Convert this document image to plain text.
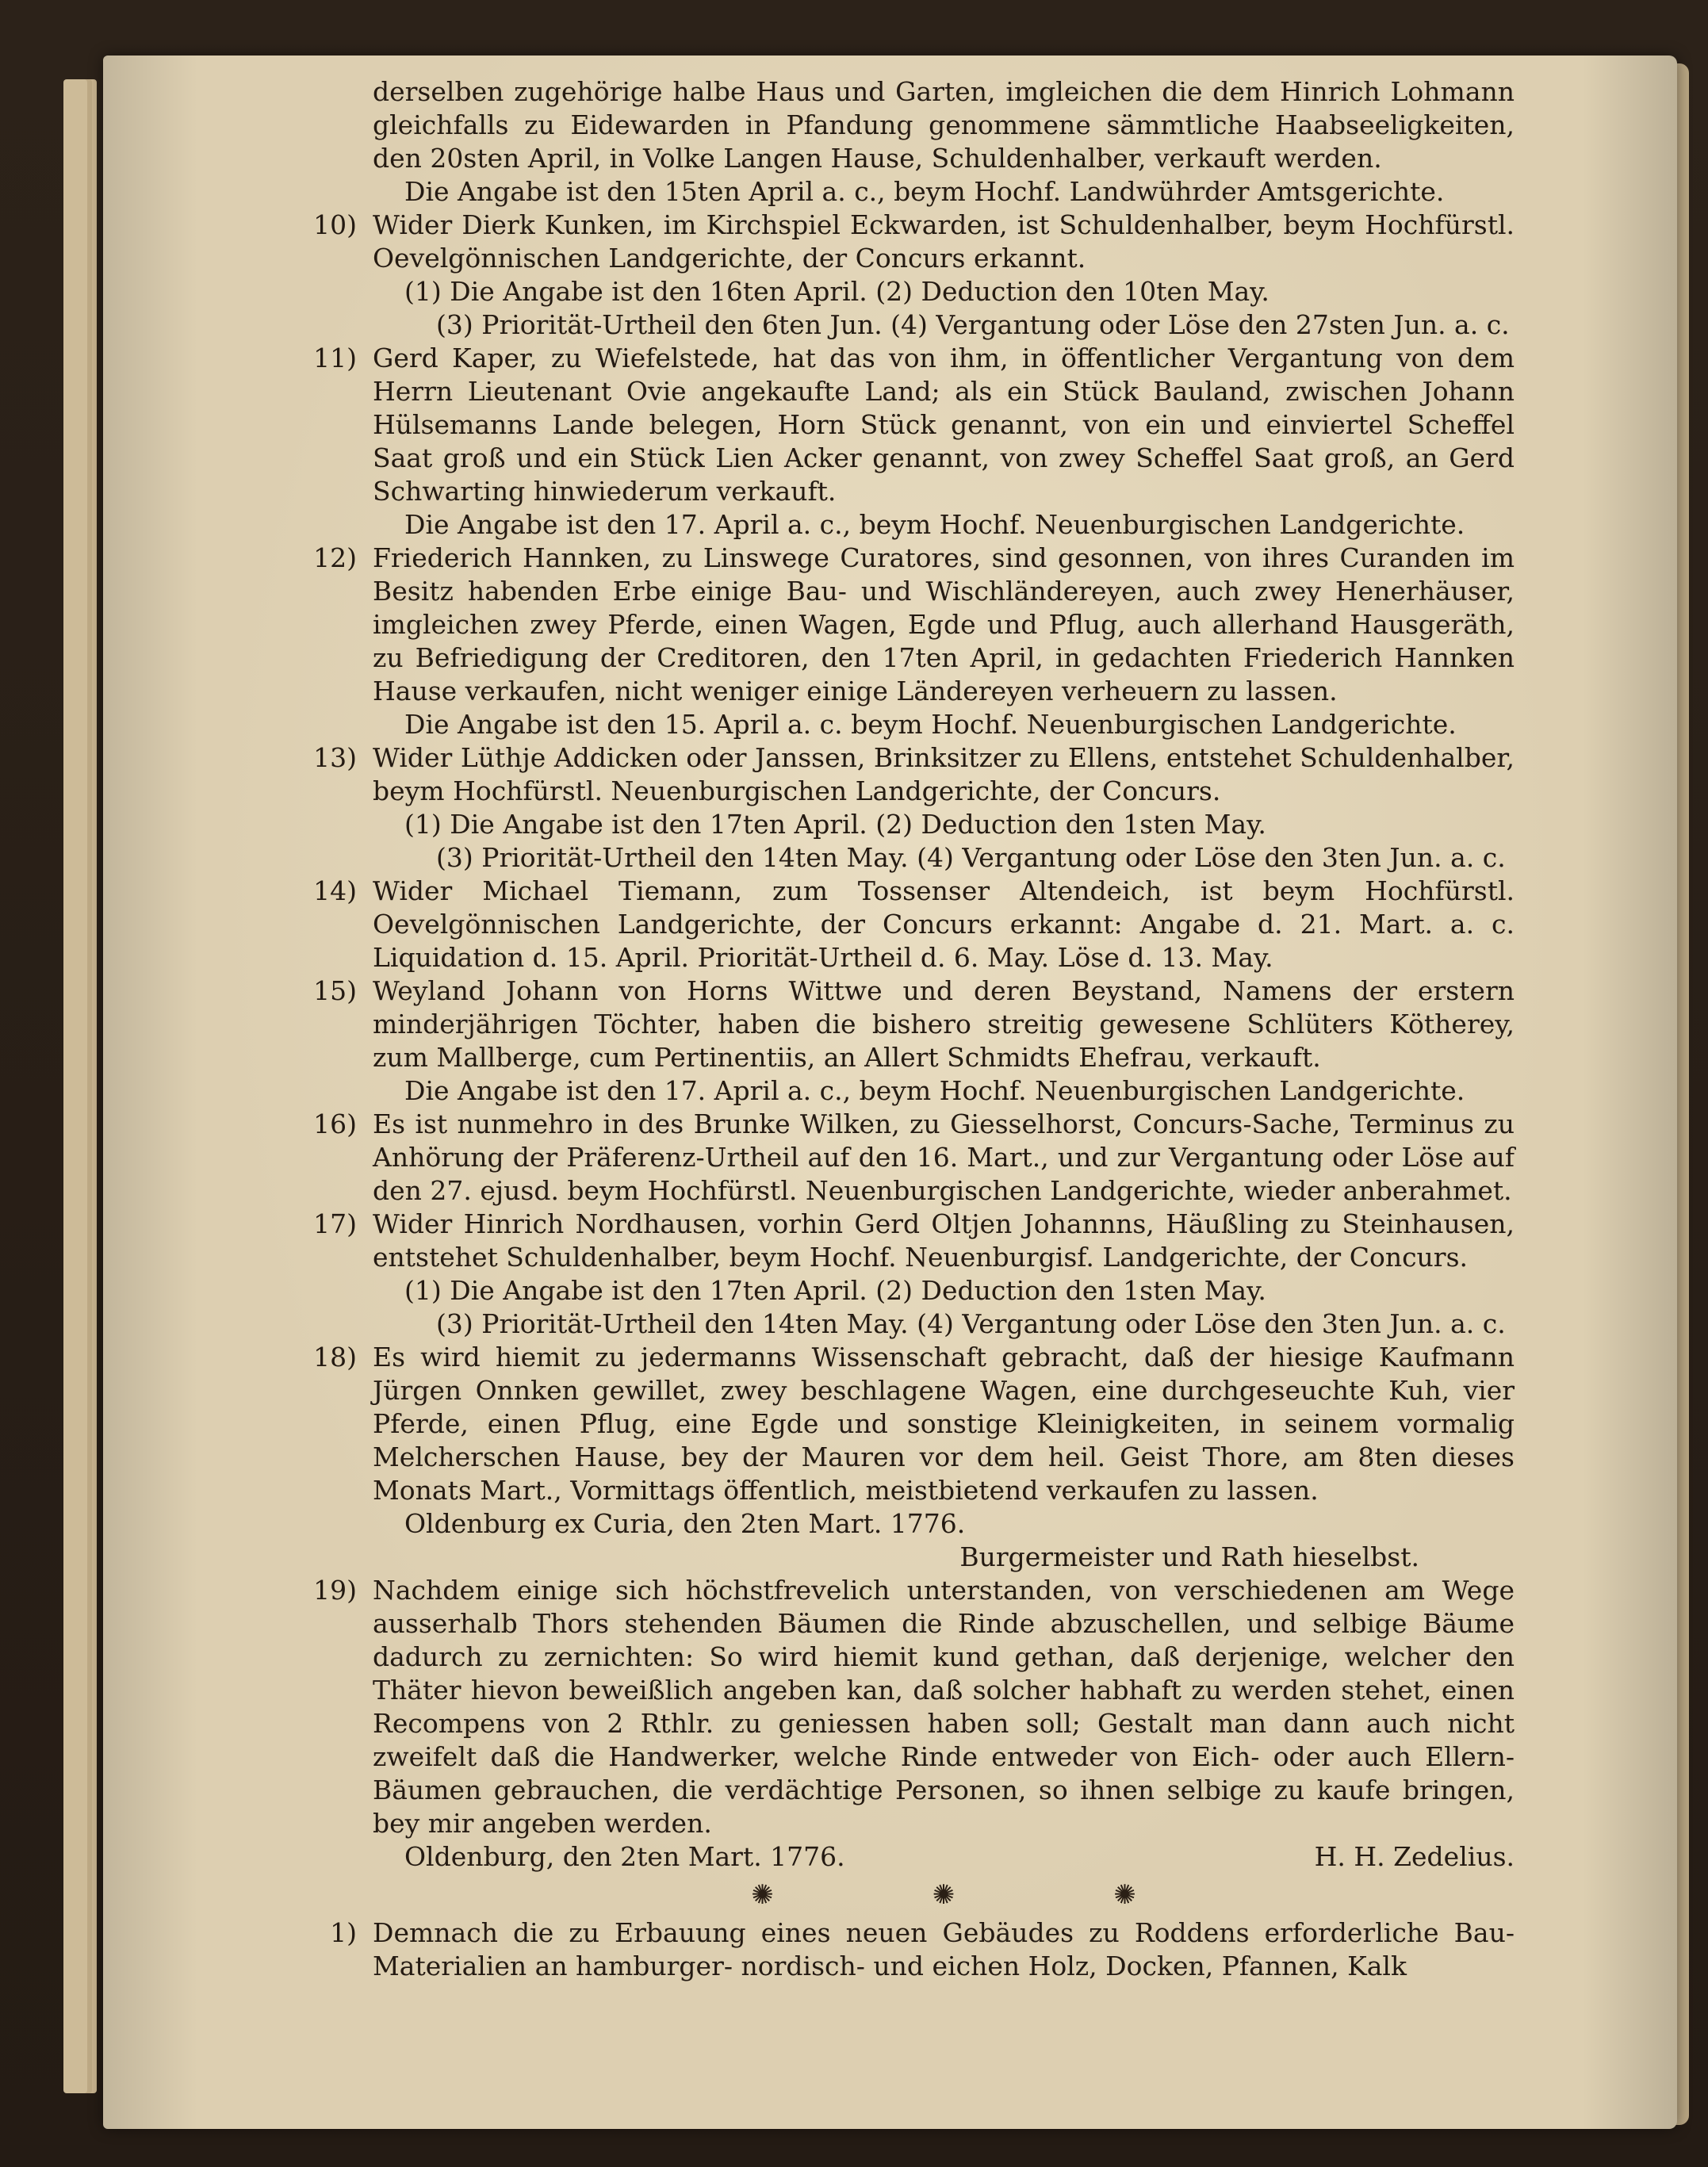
derselben zugehörige halbe Haus und Garten, imgleichen die dem Hinrich Lohmann gleichfalls zu Eidewarden in Pfandung genommene sämmtliche Haabseeligkeiten, den 20sten April, in Volke Langen Hause, Schuldenhalber, verkauft werden.

Die Angabe ist den 15ten April a. c., beym Hochf. Landwührder Amtsgerichte.

10) Wider Dierk Kunken, im Kirchspiel Eckwarden, ist Schuldenhalber, beym Hochfürstl. Oevelgönnischen Landgerichte, der Concurs erkannt.

(1) Die Angabe ist den 16ten April. (2) Deduction den 10ten May.

(3) Priorität-Urtheil den 6ten Jun. (4) Vergantung oder Löse den 27sten Jun. a. c.

11) Gerd Kaper, zu Wiefelstede, hat das von ihm, in öffentlicher Vergantung von dem Herrn Lieutenant Ovie angekaufte Land; als ein Stück Bauland, zwischen Johann Hülsemanns Lande belegen, Horn Stück genannt, von ein und einviertel Scheffel Saat groß und ein Stück Lien Acker genannt, von zwey Scheffel Saat groß, an Gerd Schwarting hinwiederum verkauft.

Die Angabe ist den 17. April a. c., beym Hochf. Neuenburgischen Landgerichte.

12) Friederich Hannken, zu Linswege Curatores, sind gesonnen, von ihres Curanden im Besitz habenden Erbe einige Bau- und Wischländereyen, auch zwey Henerhäuser, imgleichen zwey Pferde, einen Wagen, Egde und Pflug, auch allerhand Hausgeräth, zu Befriedigung der Creditoren, den 17ten April, in gedachten Friederich Hannken Hause verkaufen, nicht weniger einige Ländereyen verheuern zu lassen.

Die Angabe ist den 15. April a. c. beym Hochf. Neuenburgischen Landgerichte.

13) Wider Lüthje Addicken oder Janssen, Brinksitzer zu Ellens, entstehet Schuldenhalber, beym Hochfürstl. Neuenburgischen Landgerichte, der Concurs.

(1) Die Angabe ist den 17ten April. (2) Deduction den 1sten May.

(3) Priorität-Urtheil den 14ten May. (4) Vergantung oder Löse den 3ten Jun. a. c.

14) Wider Michael Tiemann, zum Tossenser Altendeich, ist beym Hochfürstl. Oevelgönnischen Landgerichte, der Concurs erkannt: Angabe d. 21. Mart. a. c. Liquidation d. 15. April. Priorität-Urtheil d. 6. May. Löse d. 13. May.

15) Weyland Johann von Horns Wittwe und deren Beystand, Namens der erstern minderjährigen Töchter, haben die bishero streitig gewesene Schlüters Kötherey, zum Mallberge, cum Pertinentiis, an Allert Schmidts Ehefrau, verkauft.

Die Angabe ist den 17. April a. c., beym Hochf. Neuenburgischen Landgerichte.

16) Es ist nunmehro in des Brunke Wilken, zu Giesselhorst, Concurs-Sache, Terminus zu Anhörung der Präferenz-Urtheil auf den 16. Mart., und zur Vergantung oder Löse auf den 27. ejusd. beym Hochfürstl. Neuenburgischen Landgerichte, wieder anberahmet.

17) Wider Hinrich Nordhausen, vorhin Gerd Oltjen Johannns, Häußling zu Steinhausen, entstehet Schuldenhalber, beym Hochf. Neuenburgisf. Landgerichte, der Concurs.

(1) Die Angabe ist den 17ten April. (2) Deduction den 1sten May.

(3) Priorität-Urtheil den 14ten May. (4) Vergantung oder Löse den 3ten Jun. a. c.

18) Es wird hiemit zu jedermanns Wissenschaft gebracht, daß der hiesige Kaufmann Jürgen Onnken gewillet, zwey beschlagene Wagen, eine durchgeseuchte Kuh, vier Pferde, einen Pflug, eine Egde und sonstige Kleinigkeiten, in seinem vormalig Melcherschen Hause, bey der Mauren vor dem heil. Geist Thore, am 8ten dieses Monats Mart., Vormittags öffentlich, meistbietend verkaufen zu lassen.

Oldenburg ex Curia, den 2ten Mart. 1776.

Burgermeister und Rath hieselbst.

19) Nachdem einige sich höchstfrevelich unterstanden, von verschiedenen am Wege ausserhalb Thors stehenden Bäumen die Rinde abzuschellen, und selbige Bäume dadurch zu zernichten: So wird hiemit kund gethan, daß derjenige, welcher den Thäter hievon beweißlich angeben kan, daß solcher habhaft zu werden stehet, einen Recompens von 2 Rthlr. zu geniessen haben soll; Gestalt man dann auch nicht zweifelt daß die Handwerker, welche Rinde entweder von Eich- oder auch Ellern-Bäumen gebrauchen, die verdächtige Personen, so ihnen selbige zu kaufe bringen, bey mir angeben werden.

Oldenburg, den 2ten Mart. 1776.	H. H. Zedelius.
✺	✺	✺
1) Demnach die zu Erbauung eines neuen Gebäudes zu Roddens erforderliche Bau-Materialien an hamburger- nordisch- und eichen Holz, Docken, Pfannen, Kalk
